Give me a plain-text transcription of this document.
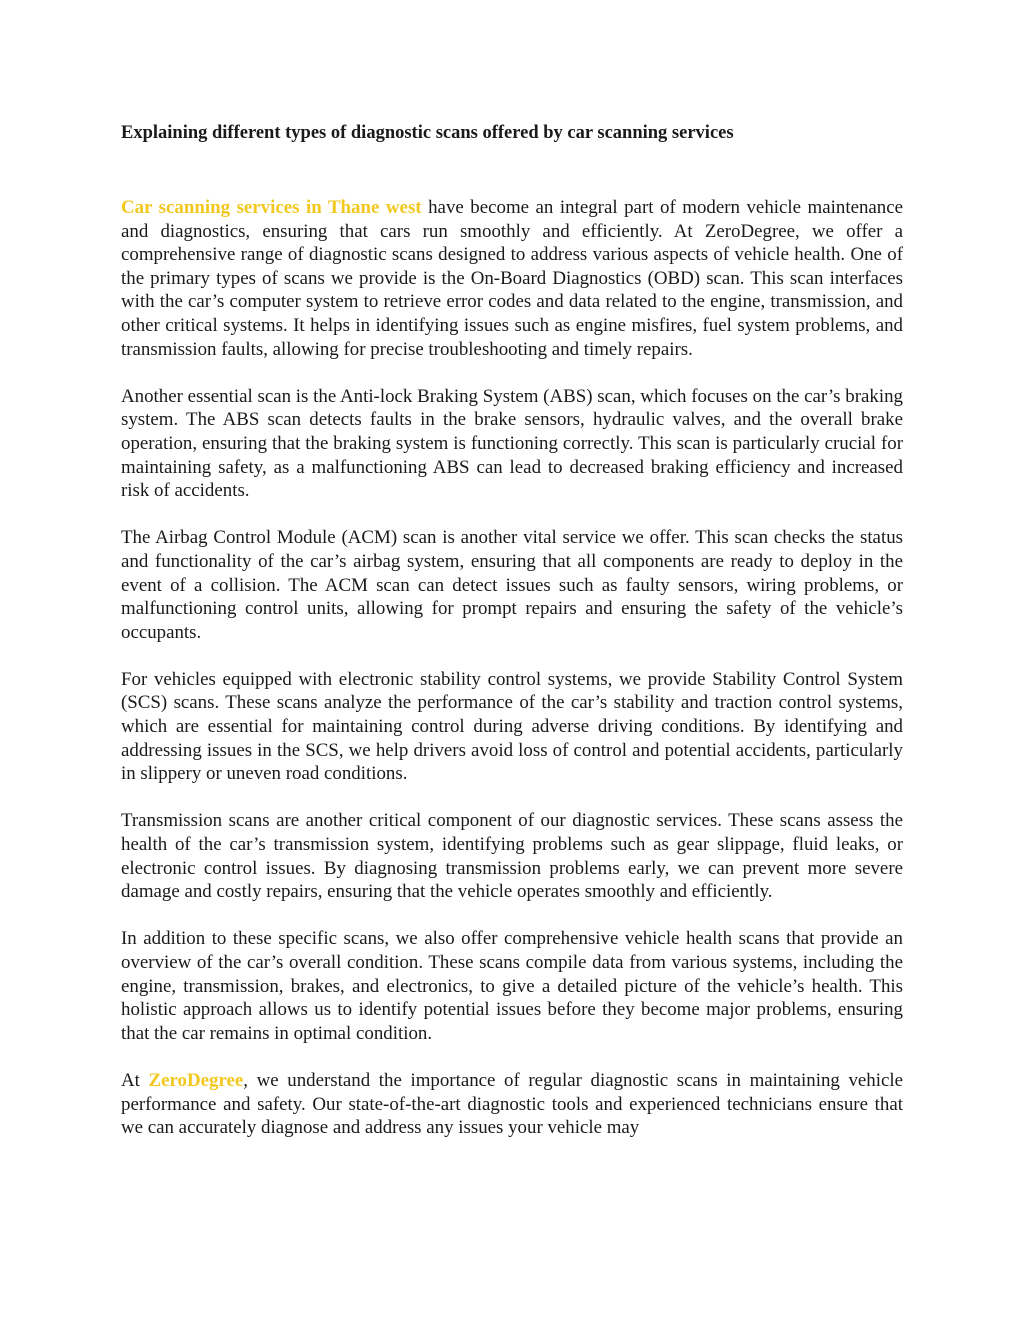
Explaining different types of diagnostic scans offered by car scanning services

Car scanning services in Thane west have become an integral part of modern vehicle maintenance and diagnostics, ensuring that cars run smoothly and efficiently. At ZeroDegree, we offer a comprehensive range of diagnostic scans designed to address various aspects of vehicle health. One of the primary types of scans we provide is the On-Board Diagnostics (OBD) scan. This scan interfaces with the car’s computer system to retrieve error codes and data related to the engine, transmission, and other critical systems. It helps in identifying issues such as engine misfires, fuel system problems, and transmission faults, allowing for precise troubleshooting and timely repairs.

Another essential scan is the Anti-lock Braking System (ABS) scan, which focuses on the car’s braking system. The ABS scan detects faults in the brake sensors, hydraulic valves, and the overall brake operation, ensuring that the braking system is functioning correctly. This scan is particularly crucial for maintaining safety, as a malfunctioning ABS can lead to decreased braking efficiency and increased risk of accidents.

The Airbag Control Module (ACM) scan is another vital service we offer. This scan checks the status and functionality of the car’s airbag system, ensuring that all components are ready to deploy in the event of a collision. The ACM scan can detect issues such as faulty sensors, wiring problems, or malfunctioning control units, allowing for prompt repairs and ensuring the safety of the vehicle’s occupants.

For vehicles equipped with electronic stability control systems, we provide Stability Control System (SCS) scans. These scans analyze the performance of the car’s stability and traction control systems, which are essential for maintaining control during adverse driving conditions. By identifying and addressing issues in the SCS, we help drivers avoid loss of control and potential accidents, particularly in slippery or uneven road conditions.

Transmission scans are another critical component of our diagnostic services. These scans assess the health of the car’s transmission system, identifying problems such as gear slippage, fluid leaks, or electronic control issues. By diagnosing transmission problems early, we can prevent more severe damage and costly repairs, ensuring that the vehicle operates smoothly and efficiently.

In addition to these specific scans, we also offer comprehensive vehicle health scans that provide an overview of the car’s overall condition. These scans compile data from various systems, including the engine, transmission, brakes, and electronics, to give a detailed picture of the vehicle’s health. This holistic approach allows us to identify potential issues before they become major problems, ensuring that the car remains in optimal condition.

At ZeroDegree, we understand the importance of regular diagnostic scans in maintaining vehicle performance and safety. Our state-of-the-art diagnostic tools and experienced technicians ensure that we can accurately diagnose and address any issues your vehicle may
